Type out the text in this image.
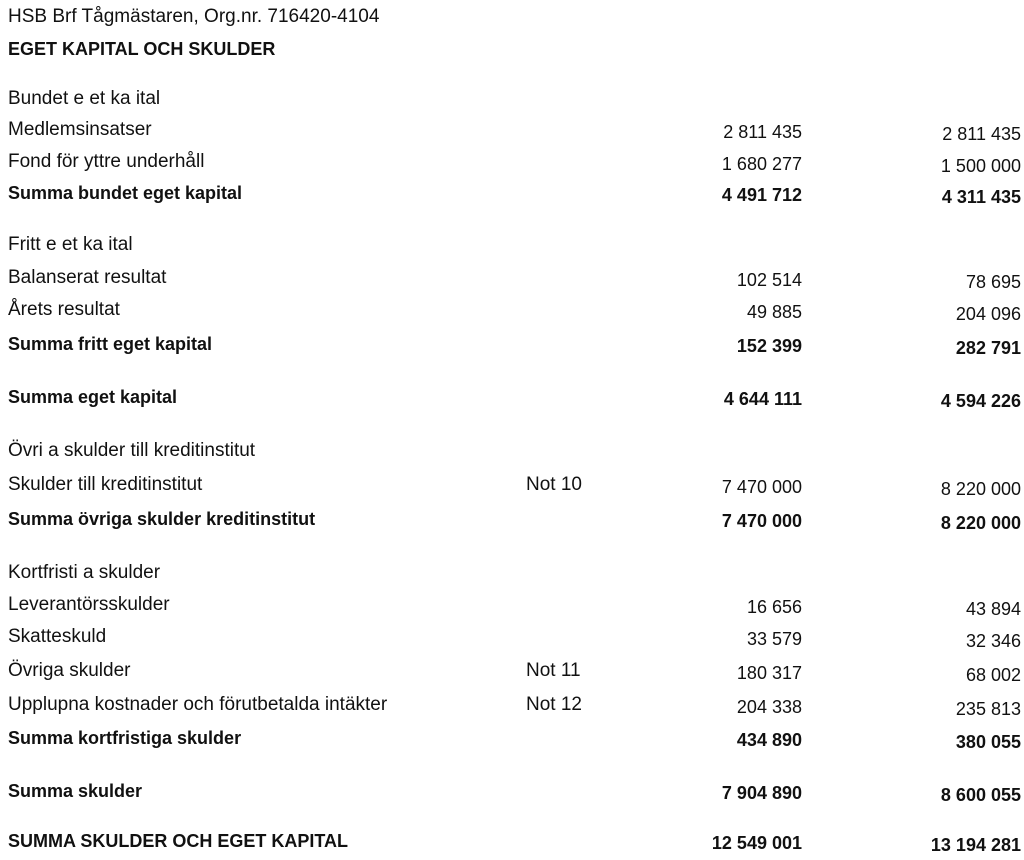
HSB Brf Tågmästaren, Org.nr. 716420-4104
EGET KAPITAL OCH SKULDER
Bundet e et ka ital
Medlemsinsatser	2 811 435	2 811 435
Fond för yttre underhåll	1 680 277	1 500 000
Summa bundet eget kapital	4 491 712	4 311 435
Fritt e et ka ital
Balanserat resultat	102 514	78 695
Årets resultat	49 885	204 096
Summa fritt eget kapital	152 399	282 791
Summa eget kapital	4 644 111	4 594 226
Övri a skulder till kreditinstitut
Skulder till kreditinstitut	Not 10	7 470 000	8 220 000
Summa övriga skulder kreditinstitut	7 470 000	8 220 000
Kortfristi a skulder
Leverantörsskulder	16 656	43 894
Skatteskuld	33 579	32 346
Övriga skulder	Not 11	180 317	68 002
Upplupna kostnader och förutbetalda intäkter	Not 12	204 338	235 813
Summa kortfristiga skulder	434 890	380 055
Summa skulder	7 904 890	8 600 055
SUMMA SKULDER OCH EGET KAPITAL	12 549 001	13 194 281
